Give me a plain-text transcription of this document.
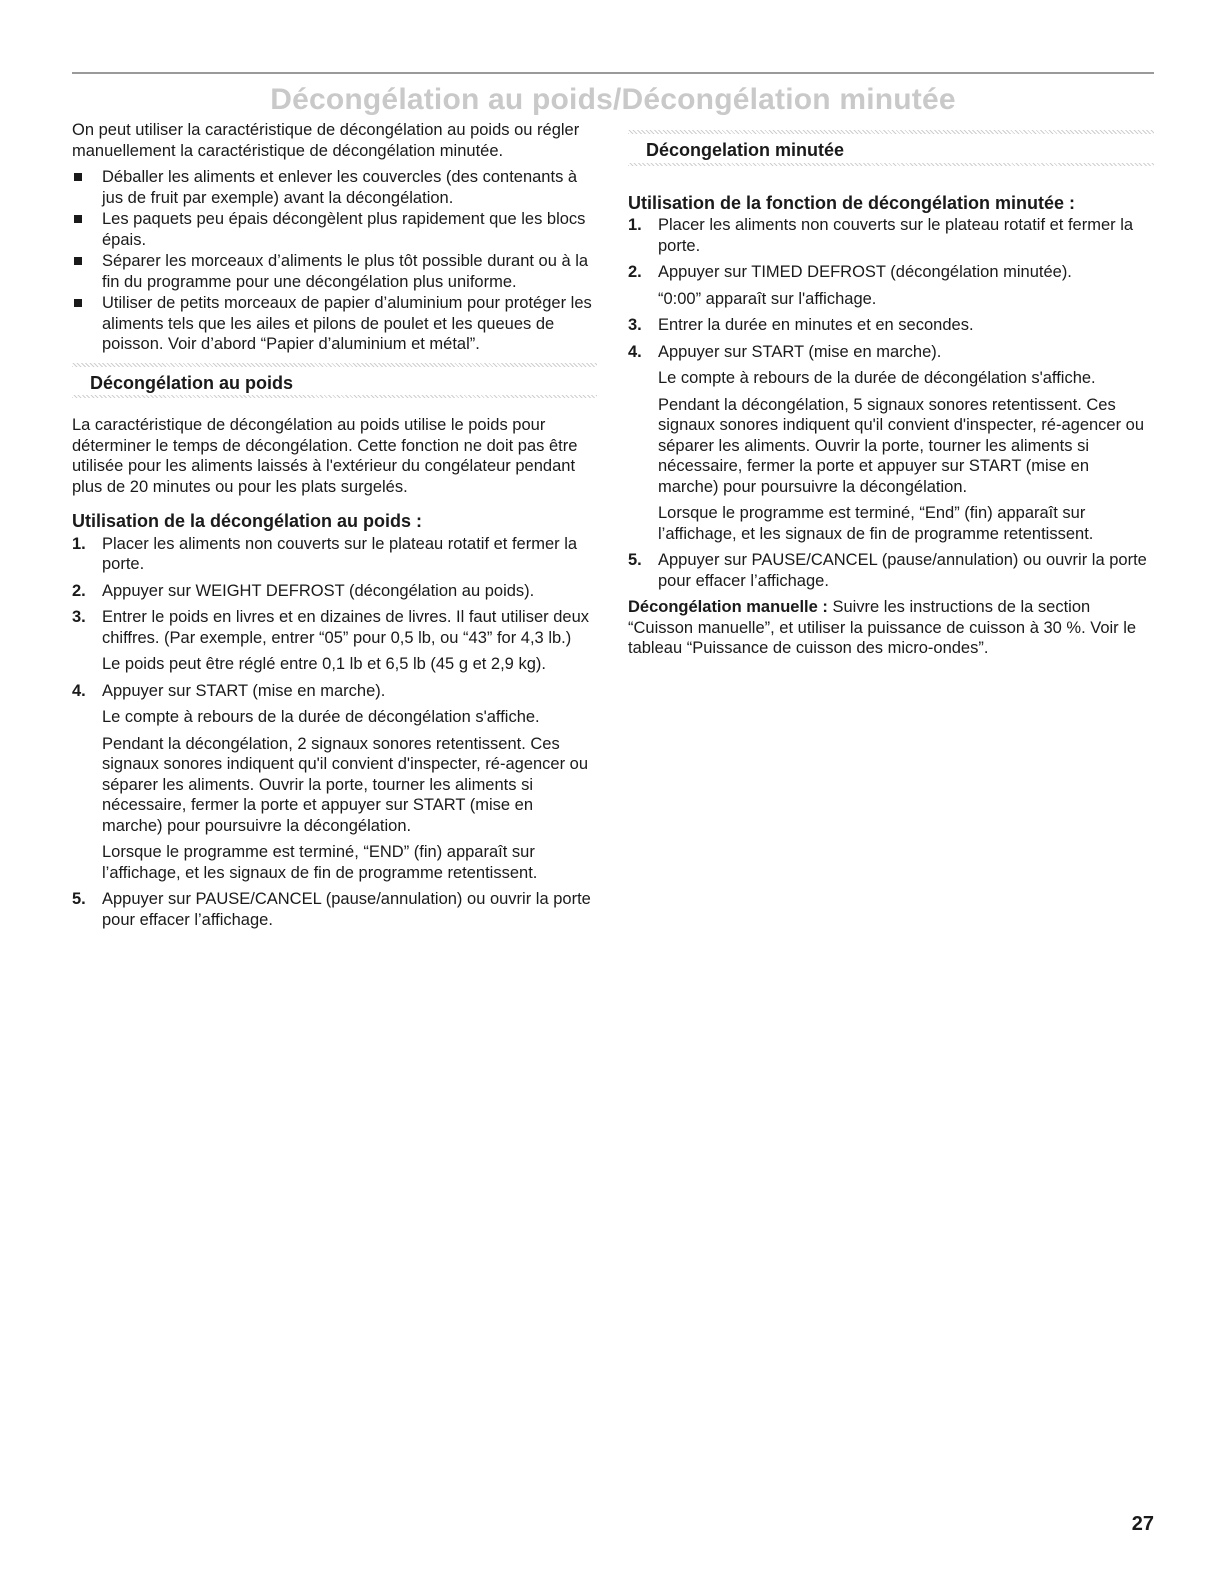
Décongélation au poids/Décongélation minutée

On peut utiliser la caractéristique de décongélation au poids ou régler manuellement la caractéristique de décongélation minutée.

Déballer les aliments et enlever les couvercles (des contenants à jus de fruit par exemple) avant la décongélation.
Les paquets peu épais décongèlent plus rapidement que les blocs épais.
Séparer les morceaux d’aliments le plus tôt possible durant ou à la fin du programme pour une décongélation plus uniforme.
Utiliser de petits morceaux de papier d’aluminium pour protéger les aliments tels que les ailes et pilons de poulet et les queues de poisson. Voir d’abord “Papier d’aluminium et métal”.
Décongélation au poids

La caractéristique de décongélation au poids utilise le poids pour déterminer le temps de décongélation. Cette fonction ne doit pas être utilisée pour les aliments laissés à l'extérieur du congélateur pendant plus de 20 minutes ou pour les plats surgelés.

Utilisation de la décongélation au poids :
1. Placer les aliments non couverts sur le plateau rotatif et fermer la porte.
2. Appuyer sur WEIGHT DEFROST (décongélation au poids).
3. Entrer le poids en livres et en dizaines de livres. Il faut utiliser deux chiffres. (Par exemple, entrer “05” pour 0,5 lb, ou “43” for 4,3 lb.)
Le poids peut être réglé entre 0,1 lb et 6,5 lb (45 g et 2,9 kg).
4. Appuyer sur START (mise en marche).
Le compte à rebours de la durée de décongélation s'affiche.
Pendant la décongélation, 2 signaux sonores retentissent. Ces signaux sonores indiquent qu'il convient d'inspecter, ré-agencer ou séparer les aliments. Ouvrir la porte, tourner les aliments si nécessaire, fermer la porte et appuyer sur START (mise en marche) pour poursuivre la décongélation.
Lorsque le programme est terminé, “END” (fin) apparaît sur l’affichage, et les signaux de fin de programme retentissent.
5. Appuyer sur PAUSE/CANCEL (pause/annulation) ou ouvrir la porte pour effacer l’affichage.
Décongelation minutée
Utilisation de la fonction de décongélation minutée :
1. Placer les aliments non couverts sur le plateau rotatif et fermer la porte.
2. Appuyer sur TIMED DEFROST (décongélation minutée).
“0:00” apparaît sur l'affichage.
3. Entrer la durée en minutes et en secondes.
4. Appuyer sur START (mise en marche).
Le compte à rebours de la durée de décongélation s'affiche.
Pendant la décongélation, 5 signaux sonores retentissent. Ces signaux sonores indiquent qu'il convient d'inspecter, ré-agencer ou séparer les aliments. Ouvrir la porte, tourner les aliments si nécessaire, fermer la porte et appuyer sur START (mise en marche) pour poursuivre la décongélation.
Lorsque le programme est terminé, “End” (fin) apparaît sur l’affichage, et les signaux de fin de programme retentissent.
5. Appuyer sur PAUSE/CANCEL (pause/annulation) ou ouvrir la porte pour effacer l’affichage.

Décongélation manuelle : Suivre les instructions de la section “Cuisson manuelle”, et utiliser la puissance de cuisson à 30 %. Voir le tableau “Puissance de cuisson des micro-ondes”.

27
